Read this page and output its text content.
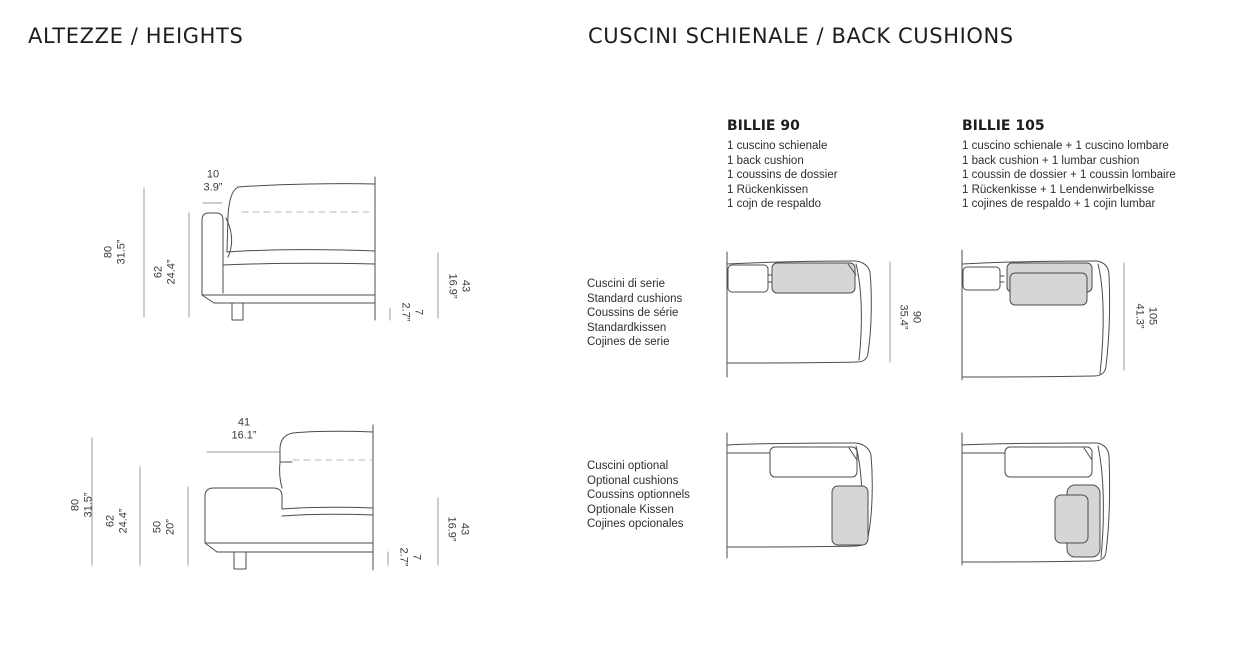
ALTEZZE / HEIGHTS	CUSCINI SCHIENALE / BACK CUSHIONS
10
3.9”
80 31.5”
62 24.4”
43
16.9”
7
2.7”
41
16.1”
80 31.5”
62 24.4” 50 20”	43
16.9”
7
2.7”
BILLIE 90
1 cuscino schienale
1 back cushion
1 coussins de dossier
1 Rückenkissen
1 cojn de respaldo
BILLIE 105
1 cuscino schienale + 1 cuscino lombare
1 back cushion + 1 lumbar cushion
1 coussin de dossier + 1 coussin lombaire
1 Rückenkisse + 1 Lendenwirbelkisse
1 cojines de respaldo + 1 cojin lumbar
Cuscini di serie
Standard cushions
Coussins de série
Standardkissen
Cojines de serie
Cuscini optional
Optional cushions
Coussins optionnels
Optionale Kissen
Cojines opcionales
90
35.4”	105
41.3”
